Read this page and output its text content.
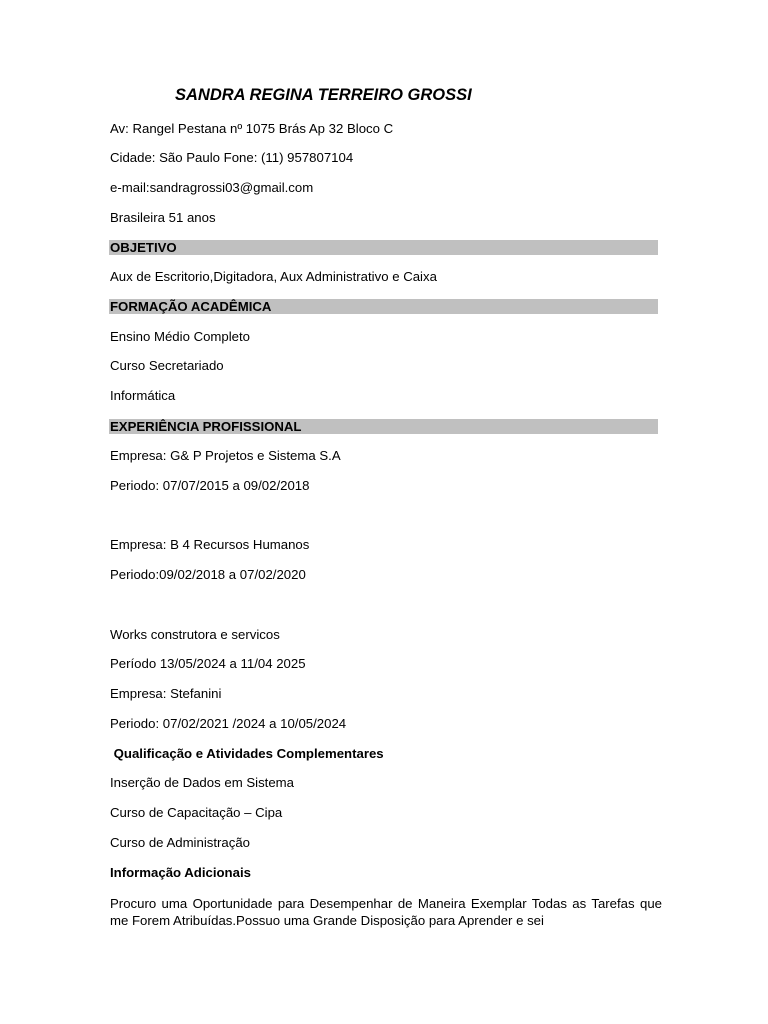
SANDRA REGINA TERREIRO GROSSI
Av: Rangel Pestana nº 1075 Brás Ap 32 Bloco C
Cidade: São Paulo Fone: (11) 957807104
e-mail:sandragrossi03@gmail.com
Brasileira 51 anos
OBJETIVO
Aux de Escritorio,Digitadora, Aux Administrativo e Caixa
FORMAÇÃO ACADÊMICA
Ensino Médio Completo
Curso Secretariado
Informática
EXPERIÊNCIA PROFISSIONAL
Empresa: G& P Projetos e Sistema S.A
Periodo: 07/07/2015 a 09/02/2018
Empresa: B 4 Recursos Humanos
Periodo:09/02/2018 a 07/02/2020
Works construtora e servicos
Período 13/05/2024 a 11/04 2025
Empresa: Stefanini
Periodo: 07/02/2021 /2024 a 10/05/2024
Qualificação e Atividades Complementares
Inserção de Dados em Sistema
Curso de Capacitação – Cipa
Curso de Administração
Informação Adicionais
Procuro uma Oportunidade para Desempenhar de Maneira Exemplar Todas as Tarefas que me Forem Atribuídas.Possuo uma Grande Disposição para Aprender e sei
